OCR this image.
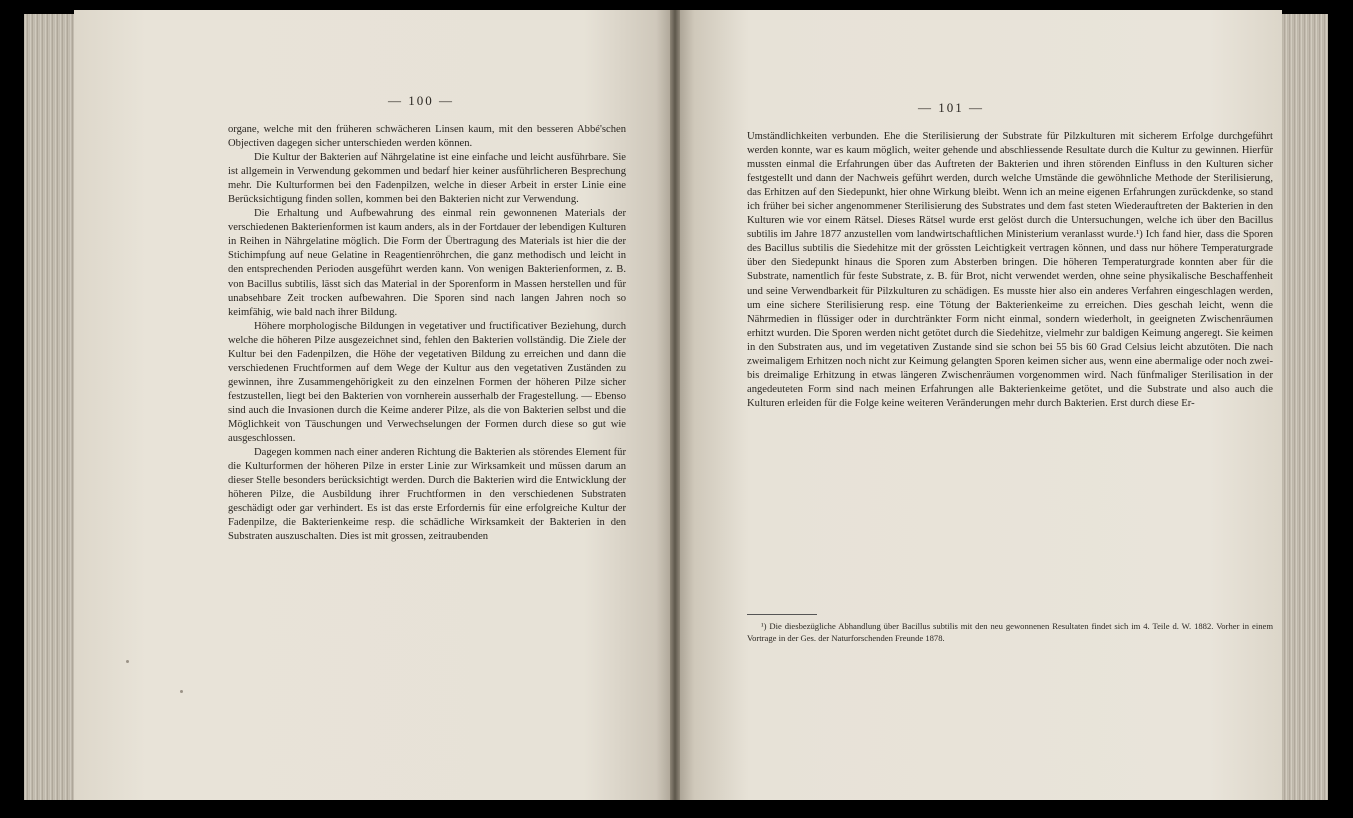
— 100 —	— 101 —

organe, welche mit den früheren schwächeren Linsen kaum, mit den besseren Abbé'schen Objectiven dagegen sicher unterschieden werden können.

Die Kultur der Bakterien auf Nährgelatine ist eine einfache und leicht ausführbare. Sie ist allgemein in Verwendung gekommen und bedarf hier keiner ausführlicheren Besprechung mehr. Die Kulturformen bei den Fadenpilzen, welche in dieser Arbeit in erster Linie eine Berücksichtigung finden sollen, kommen bei den Bakterien nicht zur Verwendung.

Die Erhaltung und Aufbewahrung des einmal rein gewonnenen Materials der verschiedenen Bakterienformen ist kaum anders, als in der Fortdauer der lebendigen Kulturen in Reihen in Nährgelatine möglich. Die Form der Übertragung des Materials ist hier die der Stichimpfung auf neue Gelatine in Reagentienröhrchen, die ganz methodisch und leicht in den entsprechenden Perioden ausgeführt werden kann. Von wenigen Bakterienformen, z. B. von Bacillus subtilis, lässt sich das Material in der Sporenform in Massen herstellen und für unabsehbare Zeit trocken aufbewahren. Die Sporen sind nach langen Jahren noch so keimfähig, wie bald nach ihrer Bildung.

Höhere morphologische Bildungen in vegetativer und fructificativer Beziehung, durch welche die höheren Pilze ausgezeichnet sind, fehlen den Bakterien vollständig. Die Ziele der Kultur bei den Fadenpilzen, die Höhe der vegetativen Bildung zu erreichen und dann die verschiedenen Fruchtformen auf dem Wege der Kultur aus den vegetativen Zuständen zu gewinnen, ihre Zusammengehörigkeit zu den einzelnen Formen der höheren Pilze sicher festzustellen, liegt bei den Bakterien von vornherein ausserhalb der Fragestellung. — Ebenso sind auch die Invasionen durch die Keime anderer Pilze, als die von Bakterien selbst und die Möglichkeit von Täuschungen und Verwechselungen der Formen durch diese so gut wie ausgeschlossen.

Dagegen kommen nach einer anderen Richtung die Bakterien als störendes Element für die Kulturformen der höheren Pilze in erster Linie zur Wirksamkeit und müssen darum an dieser Stelle besonders berücksichtigt werden. Durch die Bakterien wird die Entwicklung der höheren Pilze, die Ausbildung ihrer Fruchtformen in den verschiedenen Substraten geschädigt oder gar verhindert. Es ist das erste Erfordernis für eine erfolgreiche Kultur der Fadenpilze, die Bakterienkeime resp. die schädliche Wirksamkeit der Bakterien in den Substraten auszuschalten. Dies ist mit grossen, zeitraubenden

Umständlichkeiten verbunden. Ehe die Sterilisierung der Substrate für Pilzkulturen mit sicherem Erfolge durchgeführt werden konnte, war es kaum möglich, weiter gehende und abschliessende Resultate durch die Kultur zu gewinnen. Hierfür mussten einmal die Erfahrungen über das Auftreten der Bakterien und ihren störenden Einfluss in den Kulturen sicher festgestellt und dann der Nachweis geführt werden, durch welche Umstände die gewöhnliche Methode der Sterilisierung, das Erhitzen auf den Siedepunkt, hier ohne Wirkung bleibt. Wenn ich an meine eigenen Erfahrungen zurückdenke, so stand ich früher bei sicher angenommener Sterilisierung des Substrates und dem fast steten Wiederauftreten der Bakterien in den Kulturen wie vor einem Rätsel. Dieses Rätsel wurde erst gelöst durch die Untersuchungen, welche ich über den Bacillus subtilis im Jahre 1877 anzustellen vom landwirtschaftlichen Ministerium veranlasst wurde.¹) Ich fand hier, dass die Sporen des Bacillus subtilis die Siedehitze mit der grössten Leichtigkeit vertragen können, und dass nur höhere Temperaturgrade über den Siedepunkt hinaus die Sporen zum Absterben bringen. Die höheren Temperaturgrade konnten aber für die Substrate, namentlich für feste Substrate, z. B. für Brot, nicht verwendet werden, ohne seine physikalische Beschaffenheit und seine Verwendbarkeit für Pilzkulturen zu schädigen. Es musste hier also ein anderes Verfahren eingeschlagen werden, um eine sichere Sterilisierung resp. eine Tötung der Bakterienkeime zu erreichen. Dies geschah leicht, wenn die Nährmedien in flüssiger oder in durchtränkter Form nicht einmal, sondern wiederholt, in geeigneten Zwischenräumen erhitzt wurden. Die Sporen werden nicht getötet durch die Siedehitze, vielmehr zur baldigen Keimung angeregt. Sie keimen in den Substraten aus, und im vegetativen Zustande sind sie schon bei 55 bis 60 Grad Celsius leicht abzutöten. Die nach zweimaligem Erhitzen noch nicht zur Keimung gelangten Sporen keimen sicher aus, wenn eine abermalige oder noch zwei- bis dreimalige Erhitzung in etwas längeren Zwischenräumen vorgenommen wird. Nach fünfmaliger Sterilisation in der angedeuteten Form sind nach meinen Erfahrungen alle Bakterienkeime getötet, und die Substrate und also auch die Kulturen erleiden für die Folge keine weiteren Veränderungen mehr durch Bakterien. Erst durch diese Er-

¹) Die diesbezügliche Abhandlung über Bacillus subtilis mit den neu gewonnenen Resultaten findet sich im 4. Teile d. W. 1882. Vorher in einem Vortrage in der Ges. der Naturforschenden Freunde 1878.
